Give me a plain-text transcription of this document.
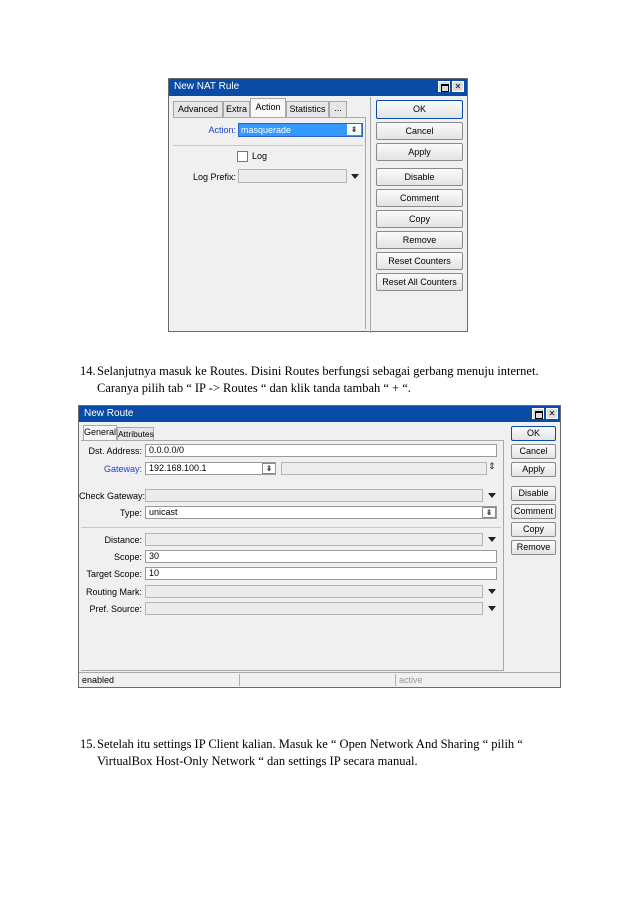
New NAT Rule	✕
Advanced Extra Action Statistics ...
Action: masquerade	⇟
Log
Log Prefix:
OK
Cancel
Apply
Disable
Comment
Copy
Remove
Reset Counters
Reset All Counters
14. Selanjutnya masuk ke Routes. Disini Routes berfungsi sebagai gerbang menuju internet.
Caranya pilih tab “ IP -> Routes “ dan klik tanda tambah “ + “.
New Route	✕
General Attributes
Dst. Address: 0.0.0.0/0
Gateway: 192.168.100.1	⇟	⇕
Check Gateway:
Type: unicast	⇟
Distance:
Scope: 30
Target Scope: 10
Routing Mark:
Pref. Source:
OK
Cancel
Apply
Disable
Comment
Copy
Remove
enabled	active
15. Setelah itu settings IP Client kalian. Masuk ke “ Open Network And Sharing “ pilih “
VirtualBox Host-Only Network “ dan settings IP secara manual.
